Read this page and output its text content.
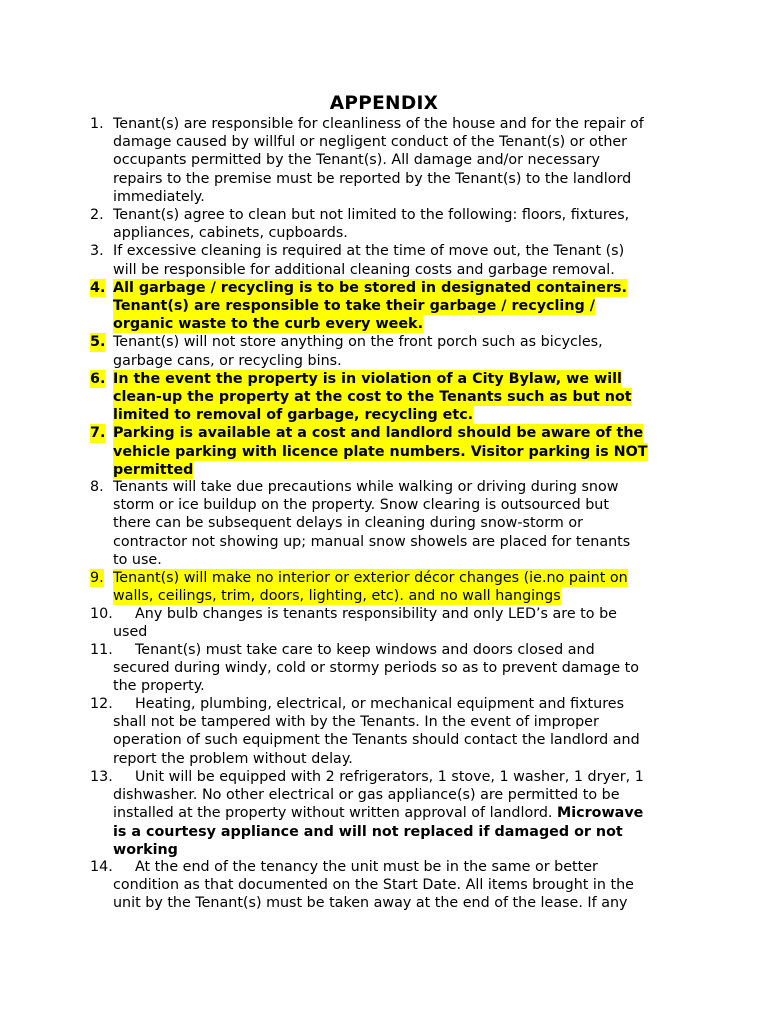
APPENDIX
1. Tenant(s) are responsible for cleanliness of the house and for the repair of
damage caused by willful or negligent conduct of the Tenant(s) or other
occupants permitted by the Tenant(s). All damage and/or necessary
repairs to the premise must be reported by the Tenant(s) to the landlord
immediately.
2. Tenant(s) agree to clean but not limited to the following: floors, fixtures,
appliances, cabinets, cupboards.
3. If excessive cleaning is required at the time of move out, the Tenant (s)
will be responsible for additional cleaning costs and garbage removal.
4. All garbage / recycling is to be stored in designated containers.
Tenant(s) are responsible to take their garbage / recycling /
organic waste to the curb every week.
5. Tenant(s) will not store anything on the front porch such as bicycles,
garbage cans, or recycling bins.
6. In the event the property is in violation of a City Bylaw, we will
clean-up the property at the cost to the Tenants such as but not
limited to removal of garbage, recycling etc.
7. Parking is available at a cost and landlord should be aware of the
vehicle parking with licence plate numbers. Visitor parking is NOT
permitted
8. Tenants will take due precautions while walking or driving during snow
storm or ice buildup on the property. Snow clearing is outsourced but
there can be subsequent delays in cleaning during snow-storm or
contractor not showing up; manual snow showels are placed for tenants
to use.
9. Tenant(s) will make no interior or exterior décor changes (ie.no paint on
walls, ceilings, trim, doors, lighting, etc). and no wall hangings
10. Any bulb changes is tenants responsibility and only LED’s are to be
used
11. Tenant(s) must take care to keep windows and doors closed and
secured during windy, cold or stormy periods so as to prevent damage to
the property.
12. Heating, plumbing, electrical, or mechanical equipment and fixtures
shall not be tampered with by the Tenants. In the event of improper
operation of such equipment the Tenants should contact the landlord and
report the problem without delay.
13. Unit will be equipped with 2 refrigerators, 1 stove, 1 washer, 1 dryer, 1
dishwasher. No other electrical or gas appliance(s) are permitted to be
installed at the property without written approval of landlord. Microwave
is a courtesy appliance and will not replaced if damaged or not
working
14. At the end of the tenancy the unit must be in the same or better
condition as that documented on the Start Date. All items brought in the
unit by the Tenant(s) must be taken away at the end of the lease. If any
